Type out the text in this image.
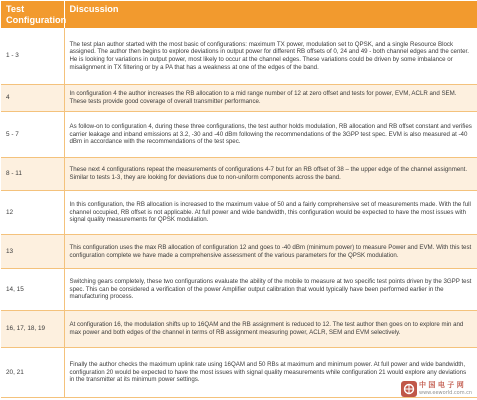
Test
Configuration	Discussion
1 - 3	The test plan author started with the most basic of configurations: maximum TX power, modulation set to QPSK, and a single Resource Block assigned. The author then begins to explore deviations in output power for different RB offsets of 0, 24 and 49 - both channel edges and the center. He is looking for variations in output power, most likely to occur at the channel edges. These variations could be driven by some imbalance or misalignment in TX filtering or by a PA that has a weakness at one of the edges of the band.
4	In configuration 4 the author increases the RB allocation to a mid range number of 12 at zero offset and tests for power, EVM, ACLR and SEM. These tests provide good coverage of overall transmitter performance.
5 - 7	As follow-on to configuration 4, during these three configurations, the test author holds modulation, RB allocation and RB offset constant and verifies carrier leakage and inband emissions at 3.2, -30 and -40 dBm following the recommendations of the 3GPP test spec. EVM is also measured at -40 dBm in accordance with the recommendations of the test spec.
8 - 11	These next 4 configurations repeat the measurements of configurations 4-7 but for an RB offset of 38 – the upper edge of the channel assignment. Similar to tests 1-3, they are looking for deviations due to non-uniform components across the band.
12	In this configuration, the RB allocation is increased to the maximum value of 50 and a fairly comprehensive set of measurements made. With the full channel occupied, RB offset is not applicable. At full power and wide bandwidth, this configuration would be expected to have the most issues with signal quality measurements for QPSK modulation.
13	This configuration uses the max RB allocation of configuration 12 and goes to -40 dBm (minimum power) to measure Power and EVM. With this test configuration complete we have made a comprehensive assessment of the various parameters for the QPSK modulation.
14, 15	Switching gears completely, these two configurations evaluate the ability of the mobile to measure at two specific test points driven by the 3GPP test spec. This can be considered a verification of the power Amplifier output calibration that would typically have been performed earlier in the manufacturing process.
16, 17, 18, 19	At configuration 16, the modulation shifts up to 16QAM and the RB assignment is reduced to 12. The test author then goes on to explore min and max power and both edges of the channel in terms of RB assignment measuring power, ACLR, SEM and EVM selectively.
20, 21	Finally the author checks the maximum uplink rate using 16QAM and 50 RBs at maximum and minimum power. At full power and wide bandwidth, configuration 20 would be expected to have the most issues with signal quality measurements while configuration 21 would explore any deviations in the transmitter at its minimum power settings.
中 国 电 子 网
www.eeworld.com.cn
